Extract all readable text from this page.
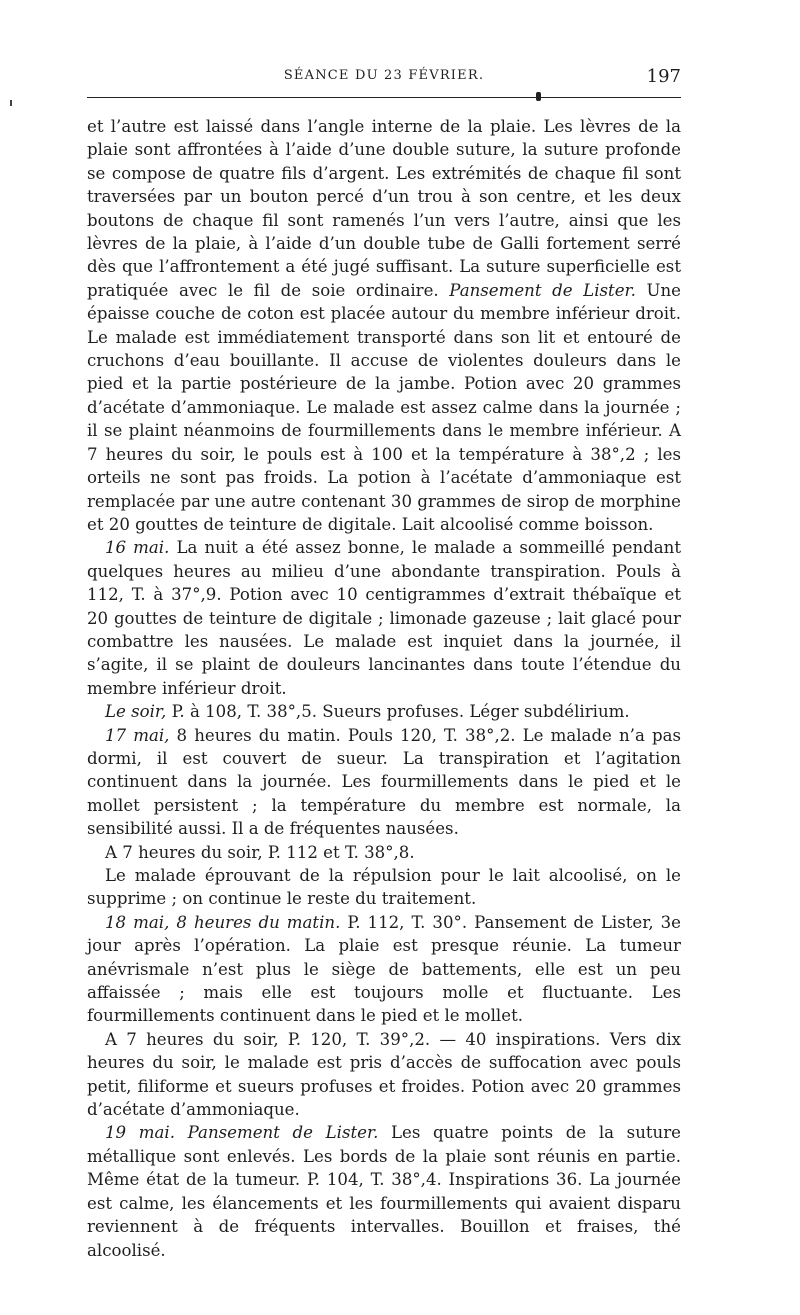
SÉANCE DU 23 FÉVRIER.	197

et l’autre est laissé dans l’angle interne de la plaie. Les lèvres de la plaie sont affrontées à l’aide d’une double suture, la suture profonde se compose de quatre fils d’argent. Les extrémités de chaque fil sont traversées par un bouton percé d’un trou à son centre, et les deux boutons de chaque fil sont ramenés l’un vers l’autre, ainsi que les lèvres de la plaie, à l’aide d’un double tube de Galli fortement serré dès que l’affrontement a été jugé suffisant. La suture superficielle est pratiquée avec le fil de soie ordinaire. Pansement de Lister. Une épaisse couche de coton est placée autour du membre inférieur droit. Le malade est immédiatement transporté dans son lit et entouré de cruchons d’eau bouillante. Il accuse de violentes douleurs dans le pied et la partie postérieure de la jambe. Potion avec 20 grammes d’acétate d’ammoniaque. Le malade est assez calme dans la journée ; il se plaint néanmoins de fourmillements dans le membre inférieur. A 7 heures du soir, le pouls est à 100 et la température à 38°,2 ; les orteils ne sont pas froids. La potion à l’acétate d’ammoniaque est remplacée par une autre contenant 30 grammes de sirop de morphine et 20 gouttes de teinture de digitale. Lait alcoolisé comme boisson.

16 mai. La nuit a été assez bonne, le malade a sommeillé pendant quelques heures au milieu d’une abondante transpiration. Pouls à 112, T. à 37°,9. Potion avec 10 centigrammes d’extrait thébaïque et 20 gouttes de teinture de digitale ; limonade gazeuse ; lait glacé pour combattre les nausées. Le malade est inquiet dans la journée, il s’agite, il se plaint de douleurs lancinantes dans toute l’étendue du membre inférieur droit.

Le soir, P. à 108, T. 38°,5. Sueurs profuses. Léger subdélirium.

17 mai, 8 heures du matin. Pouls 120, T. 38°,2. Le malade n’a pas dormi, il est couvert de sueur. La transpiration et l’agitation continuent dans la journée. Les fourmillements dans le pied et le mollet persistent ; la température du membre est normale, la sensibilité aussi. Il a de fréquentes nausées.

A 7 heures du soir, P. 112 et T. 38°,8.

Le malade éprouvant de la répulsion pour le lait alcoolisé, on le supprime ; on continue le reste du traitement.

18 mai, 8 heures du matin. P. 112, T. 30°. Pansement de Lister, 3e jour après l’opération. La plaie est presque réunie. La tumeur anévrismale n’est plus le siège de battements, elle est un peu affaissée ; mais elle est toujours molle et fluctuante. Les fourmillements continuent dans le pied et le mollet.

A 7 heures du soir, P. 120, T. 39°,2. — 40 inspirations. Vers dix heures du soir, le malade est pris d’accès de suffocation avec pouls petit, filiforme et sueurs profuses et froides. Potion avec 20 grammes d’acétate d’ammoniaque.

19 mai. Pansement de Lister. Les quatre points de la suture métallique sont enlevés. Les bords de la plaie sont réunis en partie. Même état de la tumeur. P. 104, T. 38°,4. Inspirations 36. La journée est calme, les élancements et les fourmillements qui avaient disparu reviennent à de fréquents intervalles. Bouillon et fraises, thé alcoolisé.
